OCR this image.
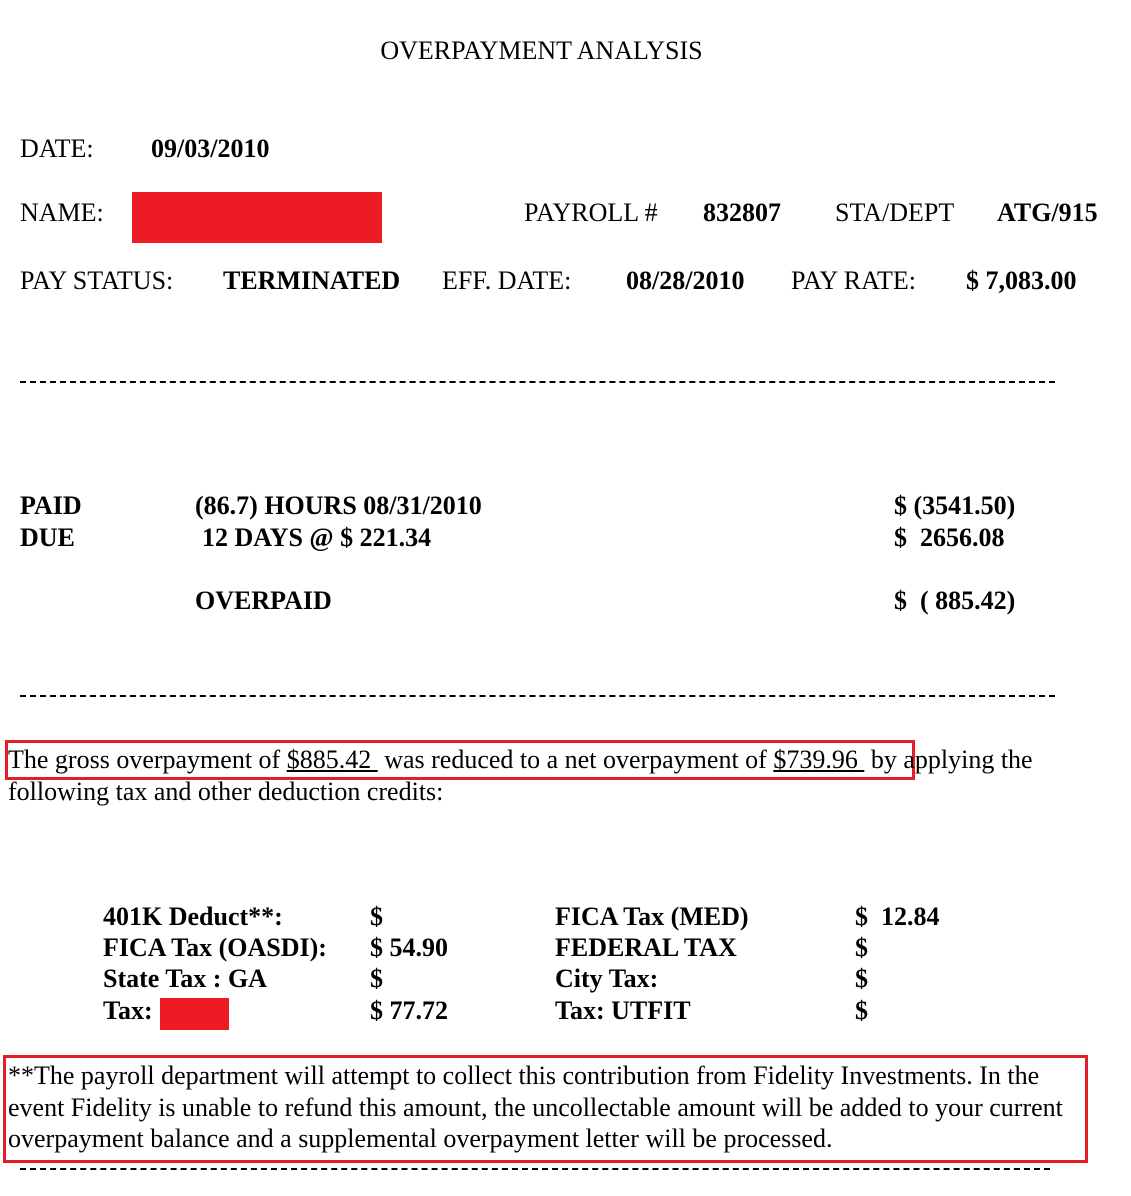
OVERPAYMENT ANALYSIS
DATE: 09/03/2010
NAME:	PAYROLL # 832807 STA/DEPT ATG/915
PAY STATUS: TERMINATED EFF. DATE: 08/28/2010 PAY RATE: $ 7,083.00
PAID	(86.7) HOURS 08/31/2010	$ (3541.50)
DUE	12 DAYS @ $ 221.34	$  2656.08
OVERPAID	$  ( 885.42)
The gross overpayment of $885.42  was reduced to a net overpayment of $739.96  by applying the following tax and other deduction credits:
401K Deduct**:	$	FICA Tax (MED)	$  12.84
FICA Tax (OASDI): $ 54.90	FEDERAL TAX	$
State Tax : GA	$	City Tax:	$
Tax:	$ 77.72	Tax: UTFIT	$
**The payroll department will attempt to collect this contribution from Fidelity Investments. In the event Fidelity is unable to refund this amount, the uncollectable amount will be added to your current overpayment balance and a supplemental overpayment letter will be processed.
